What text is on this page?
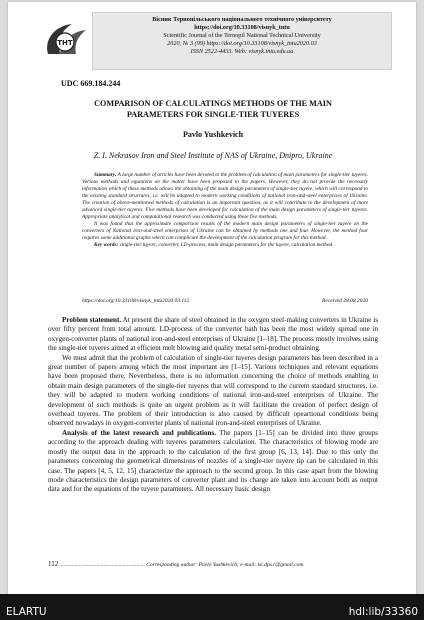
ТНТ
Вісник Тернопільського національного технічного університету
https://doi.org/10.33108/visnyk_tntu
Scientific Journal of the Ternopil National Technical University
2020, № 3 (99) https://doi.org/10.33108/visnyk_tntu2020.03
ISSN 2522-4433. Web: visnyk.tntu.edu.ua
UDC 669.184.244
COMPARISON OF CALCULATINGS METHODS OF THE MAIN
PARAMETERS FOR SINGLE-TIER TUYERES
Pavlo Yushkevich
Z. I. Nekrasov Iron and Steel Institute of NAS of Ukraine, Dnipro, Ukraine

Summary. A large number of articles have been devoted to the problem of calculation of main parameters for single-tier tuyeres. Various methods and equations on the matter have been proposed in the papers. However, they do not provide the necessary information which of these methods allows the obtaining of the main design parameters of single-tier tuyere, which will correspond to the existing standard structures, i.e. will be adapted to modern working conditions of national iron-and-steel enterprises of Ukraine. The creation of above-mentioned methods of calculation is an important question, as it will contribute to the development of more advanced single-tier tuyeres. Five methods have been developed for calculation of the main design parameters of single-tier tuyeres. Appropriate analytical and computational research was conducted using these five methods.

It was found that the approximate comparison results of the modern main design parameters of single-tier tuyere on the converters of National iron-and-steel enterprises of Ukraine can be obtained by methods one and four. However, the method four requires some additional graphs which can complicate the development of the calculation program for this method.

Key words: single-tier tuyere, converter, LD-process, main design parameters for the tuyere, calculation method.

https://doi.org/10.33108/visnyk_tntu2020.03.112	Received 28.08.2020

Problem statement. At present the share of steel obtained in the oxygen steel-making converters in Ukraine is over fifty percent from total amount. LD-process of the converter bath has been the most widely spread one in oxygen-converter plants of national iron-and-steel enterprises of Ukraine [1–18]. The process mostly involves using the single-tier tuyeres aimed at efficient melt blowing and quality metal semi-product obtaining.

We must admit that the problem of calculation of single-tier tuyeres design parameters has been described in a great number of papers among which the most important are [1–15]. Various techniques and relevant equations have been proposed there. Nevertheless, there is no information concerning the choice of methods enabling to obtain main design parameters of the single-tier tuyeres that will correspond to the current standard structures, i.e. they will be adapted to modern working conditions of national iron-and-steel enterprises of Ukraine. The development of such methods is quite an urgent problem as it will facilitate the creation of perfect design of overhead tuyeres. The problem of their introduction is also caused by difficult opeartional conditions being observed nowadays in oxygen-converter plants of national iron-and-steel enterprises of Ukraine.

Analysis of the latest research and publications. The papers [1–15] can be divided into three groups according to the approach dealing with tuyeres parameters calculation. The characteristics of blowing mode are mostly the output data in the approach to the calculation of the first group [6, 13, 14]. Due to this only the parameters concerning the geometrical dimensions of nozzles of a single-tier tuyere tip can be calculated in this case. The papers [4, 5, 12, 15] characterize the approach to the second group. In this case apart from the blowing mode characteristics the design parameters of converter plant and its charge are taken into account both as output data and for the equations of the tuyere parameters. All necessary basic design

112 .............................................................. Corresponding author: Pavlo Yushkevich; e-mail: isi.dps.r@gmail.com
ELARTU	hdl:lib/33360
